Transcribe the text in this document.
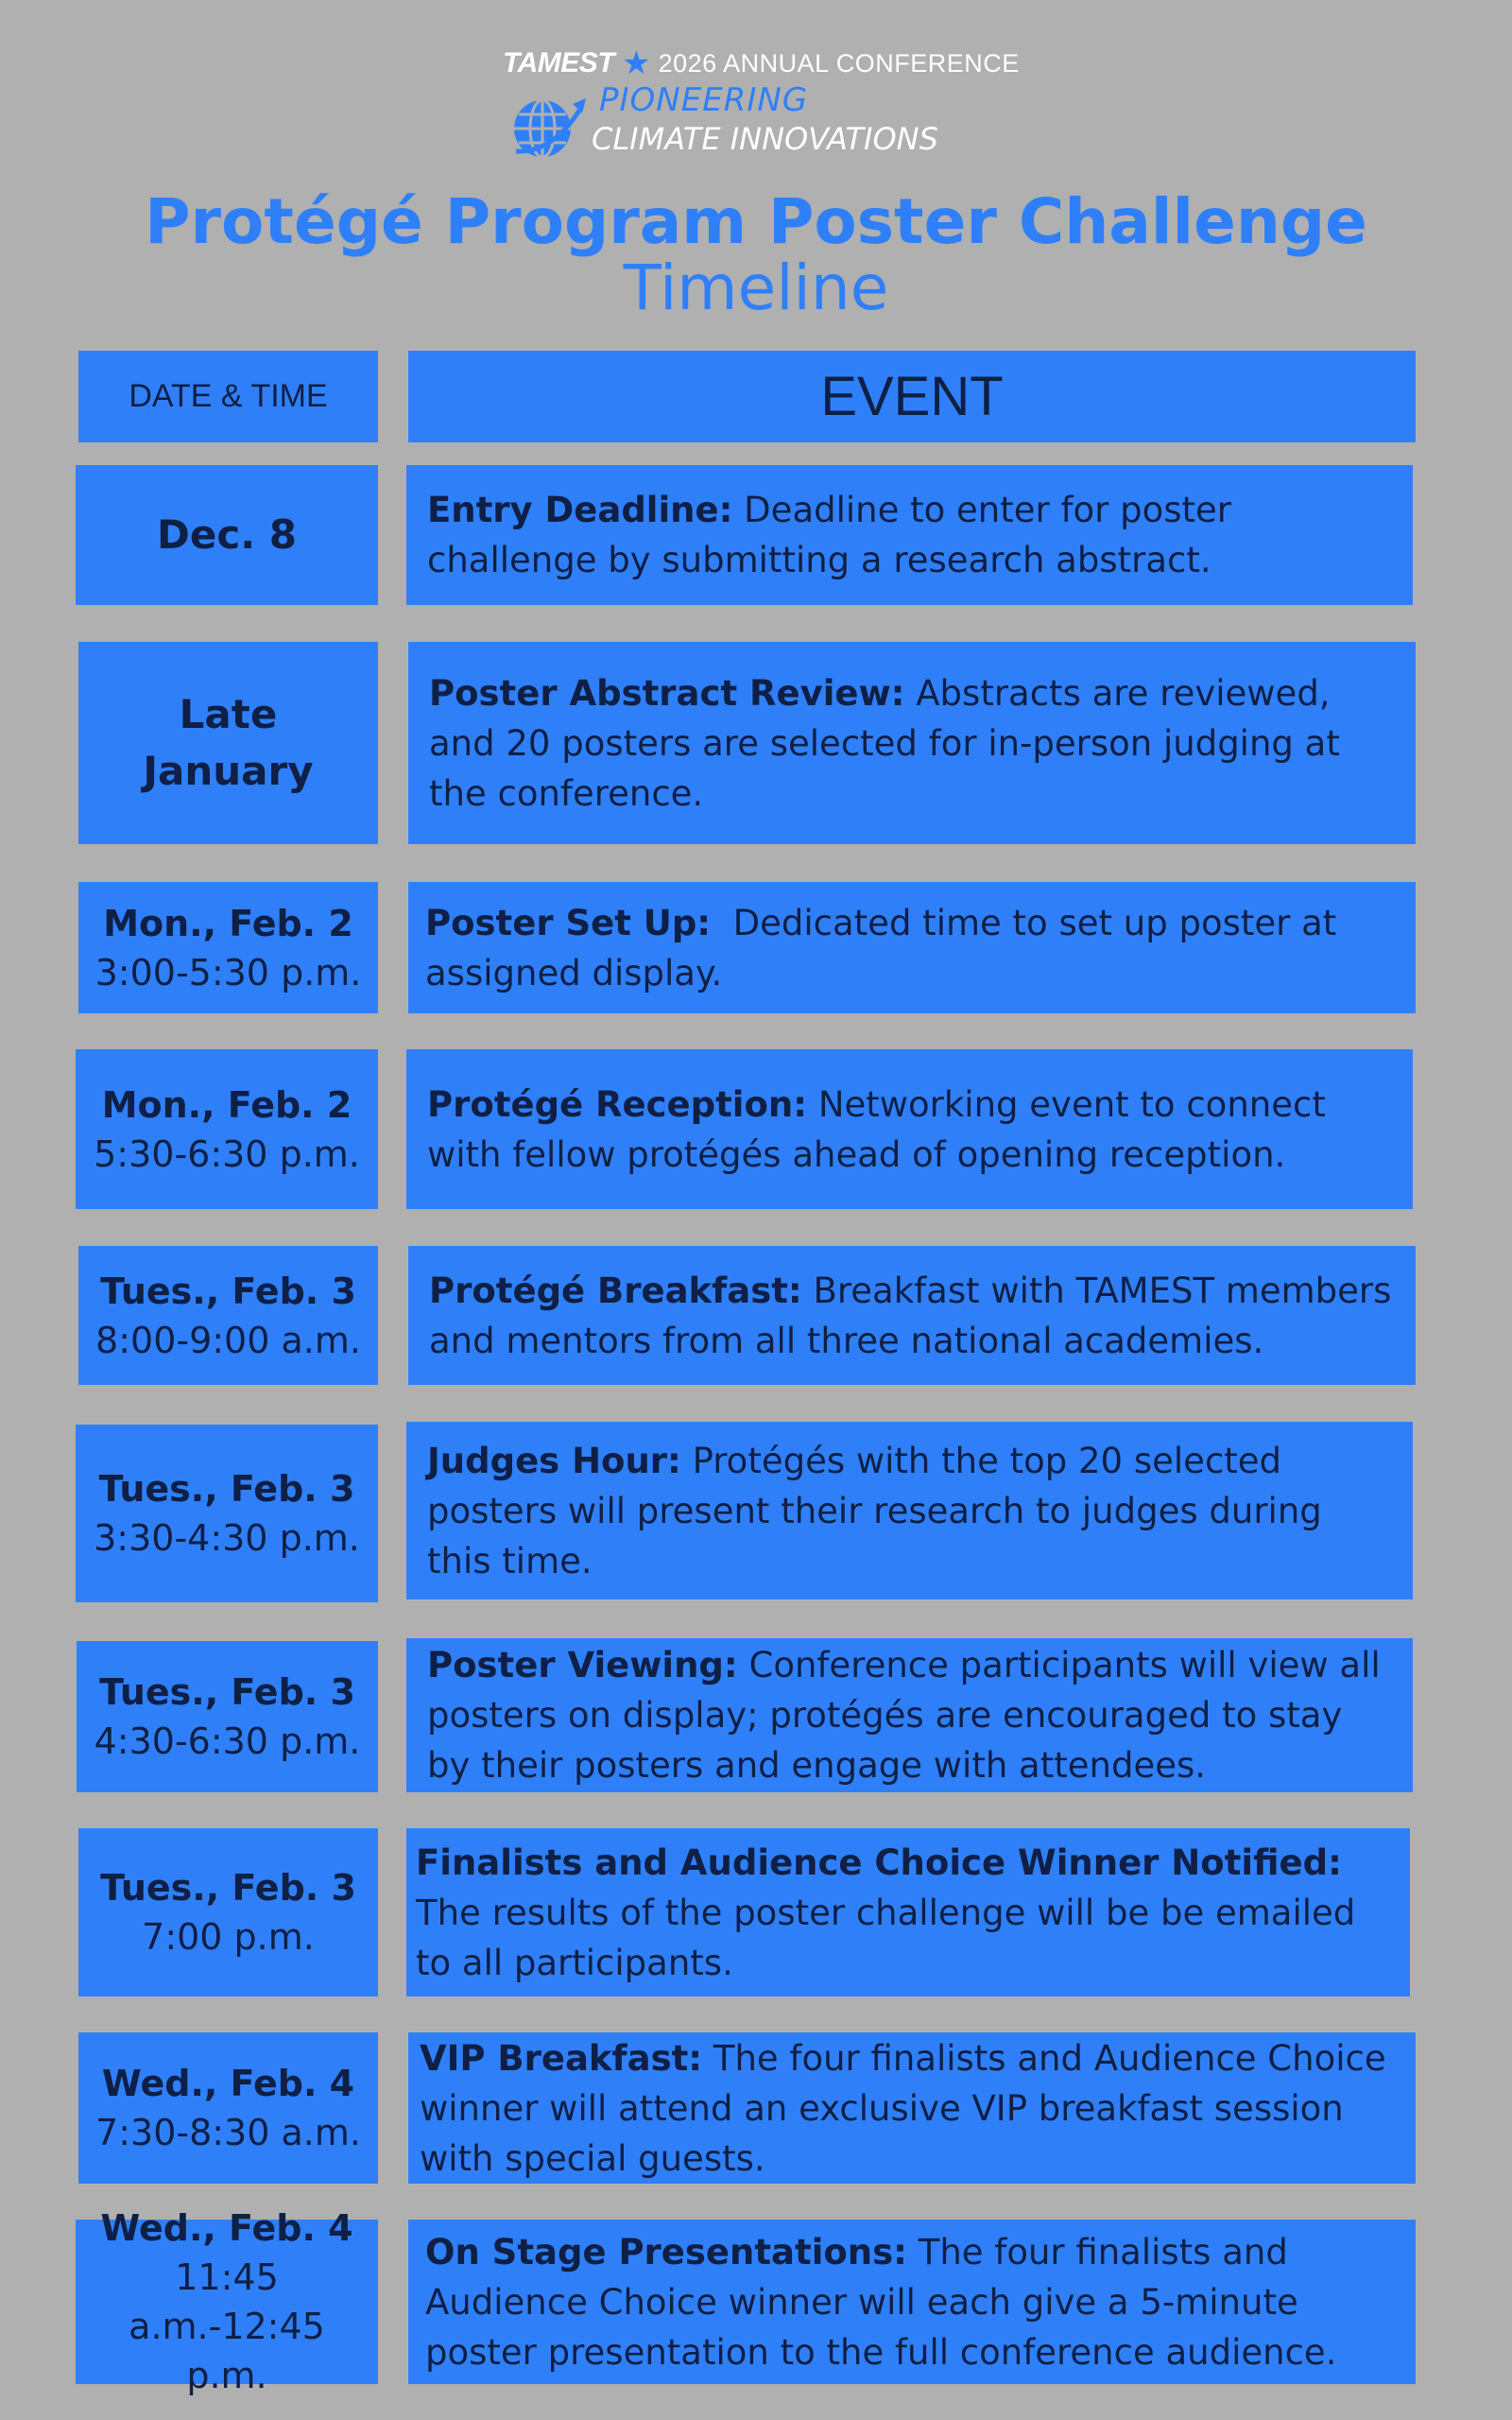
TAMEST ★ 2026 ANNUAL CONFERENCE
PIONEERING
CLIMATE INNOVATIONS
Protégé Program Poster Challenge
Timeline
DATE & TIME	EVENT
Dec. 8

Entry Deadline: Deadline to enter for poster challenge by submitting a research abstract.

Late January

Poster Abstract Review: Abstracts are reviewed, and 20 posters are selected for in-person judging at the conference.

Mon., Feb. 2
3:00-5:30 p.m.

Poster Set Up:  Dedicated time to set up poster at assigned display.

Mon., Feb. 2
5:30-6:30 p.m.

Protégé Reception: Networking event to connect with fellow protégés ahead of opening reception.

Tues., Feb. 3
8:00-9:00 a.m.

Protégé Breakfast: Breakfast with TAMEST members and mentors from all three national academies.

Tues., Feb. 3
3:30-4:30 p.m.

Judges Hour: Protégés with the top 20 selected posters will present their research to judges during this time.

Tues., Feb. 3
4:30-6:30 p.m.

Poster Viewing: Conference participants will view all posters on display; protégés are encouraged to stay by their posters and engage with attendees.

Tues., Feb. 3
7:00 p.m.

Finalists and Audience Choice Winner Notified: The results of the poster challenge will be be emailed to all participants.

Wed., Feb. 4
7:30-8:30 a.m.

VIP Breakfast: The four finalists and Audience Choice winner will attend an exclusive VIP breakfast session with special guests.

Wed., Feb. 4
11:45 a.m.-12:45 p.m.

On Stage Presentations: The four finalists and Audience Choice winner will each give a 5-minute poster presentation to the full conference audience.
